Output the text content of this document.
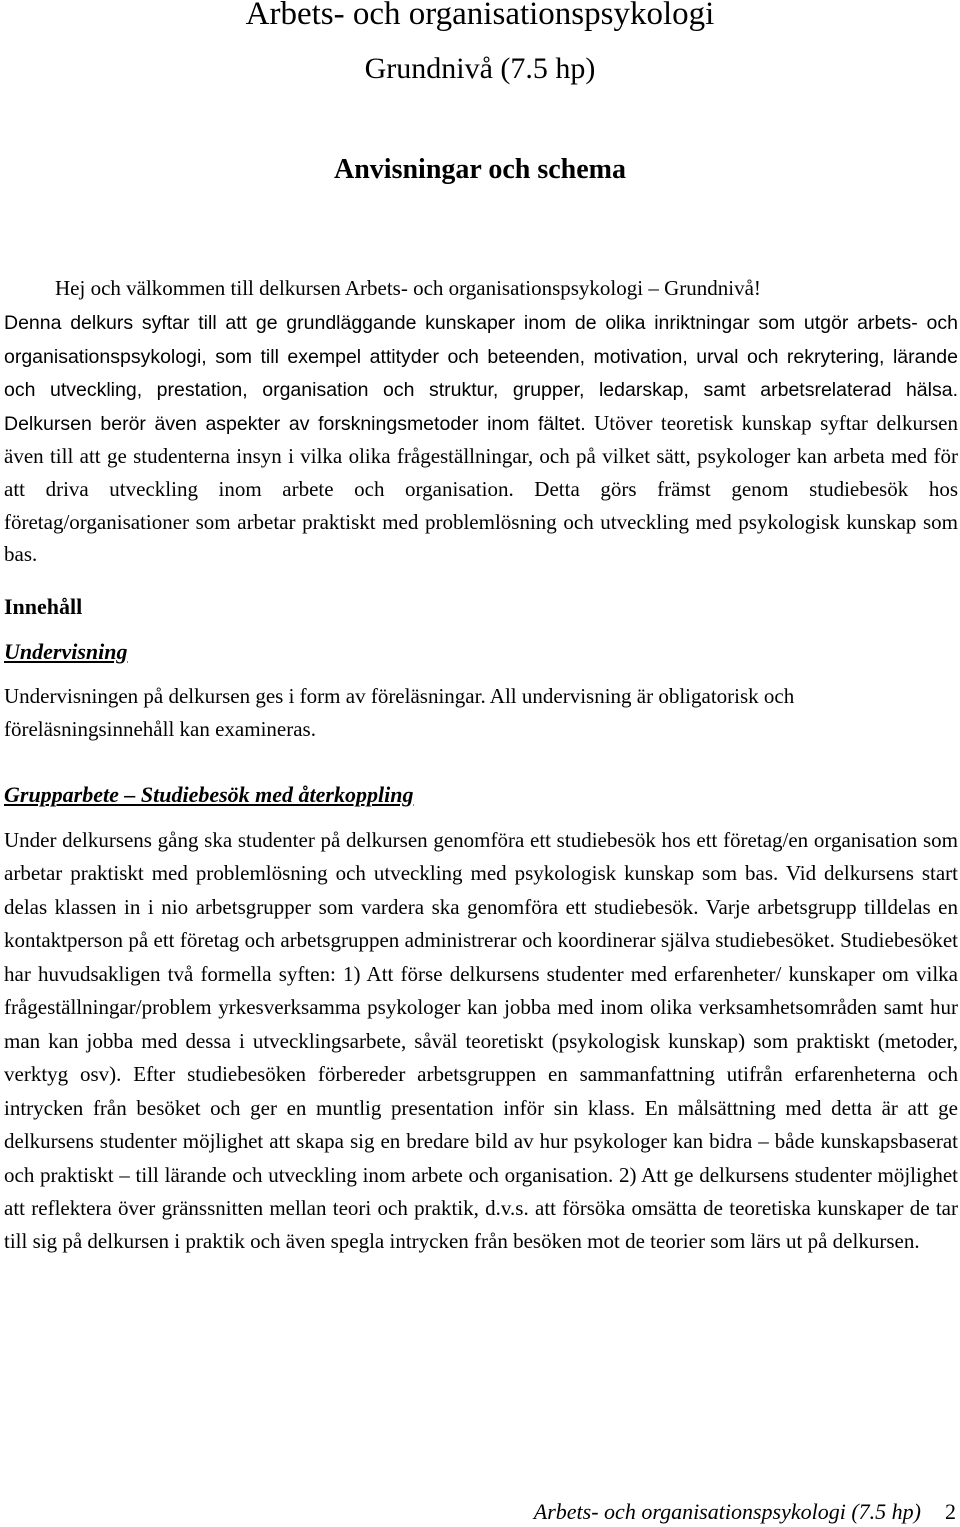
Arbets- och organisationspsykologi
Grundnivå (7.5 hp)
Anvisningar och schema

Hej och välkommen till delkursen Arbets- och organisationspsykologi – Grundnivå!

Denna delkurs syftar till att ge grundläggande kunskaper inom de olika inriktningar som utgör arbets- och organisationspsykologi, som till exempel attityder och beteenden, motivation, urval och rekrytering, lärande och utveckling, prestation, organisation och struktur, grupper, ledarskap, samt arbetsrelaterad hälsa. Delkursen berör även aspekter av forskningsmetoder inom fältet. Utöver teoretisk kunskap syftar delkursen även till att ge studenterna insyn i vilka olika frågeställningar, och på vilket sätt, psykologer kan arbeta med för att driva utveckling inom arbete och organisation. Detta görs främst genom studiebesök hos företag/organisationer som arbetar praktiskt med problemlösning och utveckling med psykologisk kunskap som bas.

Innehåll
Undervisning

Undervisningen på delkursen ges i form av föreläsningar. All undervisning är obligatorisk och föreläsningsinnehåll kan examineras.

Grupparbete – Studiebesök med återkoppling

Under delkursens gång ska studenter på delkursen genomföra ett studiebesök hos ett företag/en organisation som arbetar praktiskt med problemlösning och utveckling med psykologisk kunskap som bas. Vid delkursens start delas klassen in i nio arbetsgrupper som vardera ska genomföra ett studiebesök. Varje arbetsgrupp tilldelas en kontaktperson på ett företag och arbetsgruppen administrerar och koordinerar själva studiebesöket. Studiebesöket har huvudsakligen två formella syften: 1) Att förse delkursens studenter med erfarenheter/ kunskaper om vilka frågeställningar/problem yrkesverksamma psykologer kan jobba med inom olika verksamhetsområden samt hur man kan jobba med dessa i utvecklingsarbete, såväl teoretiskt (psykologisk kunskap) som praktiskt (metoder, verktyg osv). Efter studiebesöken förbereder arbetsgruppen en sammanfattning utifrån erfarenheterna och intrycken från besöket och ger en muntlig presentation inför sin klass. En målsättning med detta är att ge delkursens studenter möjlighet att skapa sig en bredare bild av hur psykologer kan bidra – både kunskapsbaserat och praktiskt – till lärande och utveckling inom arbete och organisation. 2) Att ge delkursens studenter möjlighet att reflektera över gränssnitten mellan teori och praktik, d.v.s. att försöka omsätta de teoretiska kunskaper de tar till sig på delkursen i praktik och även spegla intrycken från besöken mot de teorier som lärs ut på delkursen.

Arbets- och organisationspsykologi (7.5 hp) 2
